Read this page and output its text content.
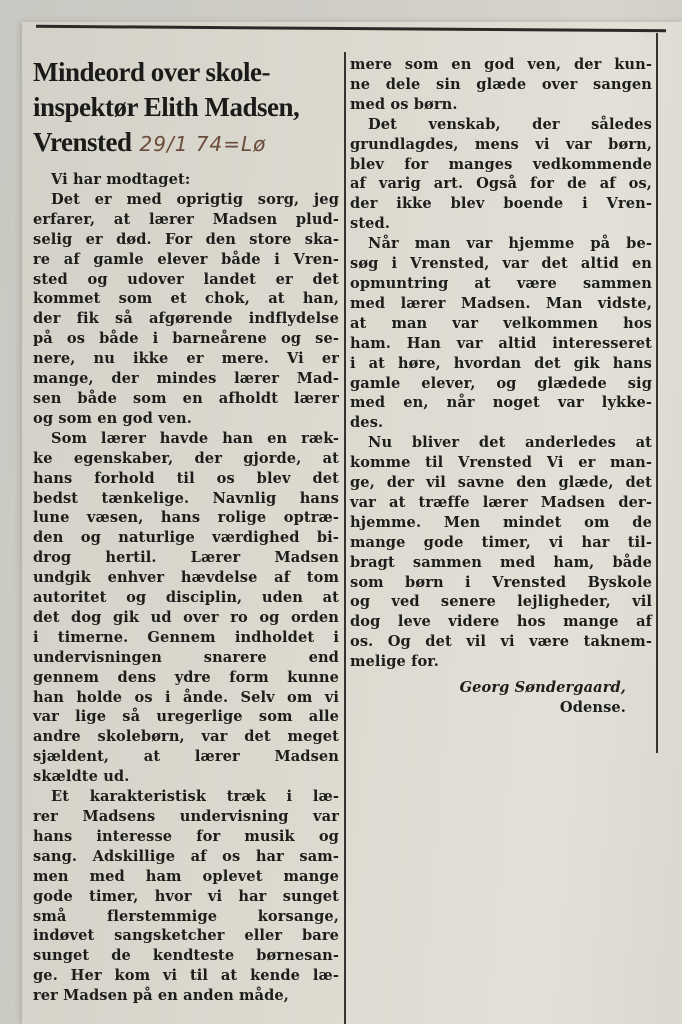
Mindeord over skole-
inspektør Elith Madsen,
Vrensted 29/1 74=Lø
Vi har modtaget:
Det er med oprigtig sorg, jeg
erfarer, at lærer Madsen plud-
selig er død. For den store ska-
re af gamle elever både i Vren-
sted og udover landet er det
kommet som et chok, at han,
der fik så afgørende indflydelse
på os både i barneårene og se-
nere, nu ikke er mere. Vi er
mange, der mindes lærer Mad-
sen både som en afholdt lærer
og som en god ven.
Som lærer havde han en ræk-
ke egenskaber, der gjorde, at
hans forhold til os blev det
bedst tænkelige. Navnlig hans
lune væsen, hans rolige optræ-
den og naturlige værdighed bi-
drog hertil. Lærer Madsen
undgik enhver hævdelse af tom
autoritet og disciplin, uden at
det dog gik ud over ro og orden
i timerne. Gennem indholdet i
undervisningen snarere end
gennem dens ydre form kunne
han holde os i ånde. Selv om vi
var lige så uregerlige som alle
andre skolebørn, var det meget
sjældent, at lærer Madsen
skældte ud.
Et karakteristisk træk i læ-
rer Madsens undervisning var
hans interesse for musik og
sang. Adskillige af os har sam-
men med ham oplevet mange
gode timer, hvor vi har sunget
små flerstemmige korsange,
indøvet sangsketcher eller bare
sunget de kendteste børnesan-
ge. Her kom vi til at kende læ-
rer Madsen på en anden måde,
mere som en god ven, der kun-
ne dele sin glæde over sangen
med os børn.
Det venskab, der således
grundlagdes, mens vi var børn,
blev for manges vedkommende
af varig art. Også for de af os,
der ikke blev boende i Vren-
sted.
Når man var hjemme på be-
søg i Vrensted, var det altid en
opmuntring at være sammen
med lærer Madsen. Man vidste,
at man var velkommen hos
ham. Han var altid interesseret
i at høre, hvordan det gik hans
gamle elever, og glædede sig
med en, når noget var lykke-
des.
Nu bliver det anderledes at
komme til Vrensted Vi er man-
ge, der vil savne den glæde, det
var at træffe lærer Madsen der-
hjemme. Men mindet om de
mange gode timer, vi har til-
bragt sammen med ham, både
som børn i Vrensted Byskole
og ved senere lejligheder, vil
dog leve videre hos mange af
os. Og det vil vi være taknem-
melige for.
Georg Søndergaard,
Odense.
